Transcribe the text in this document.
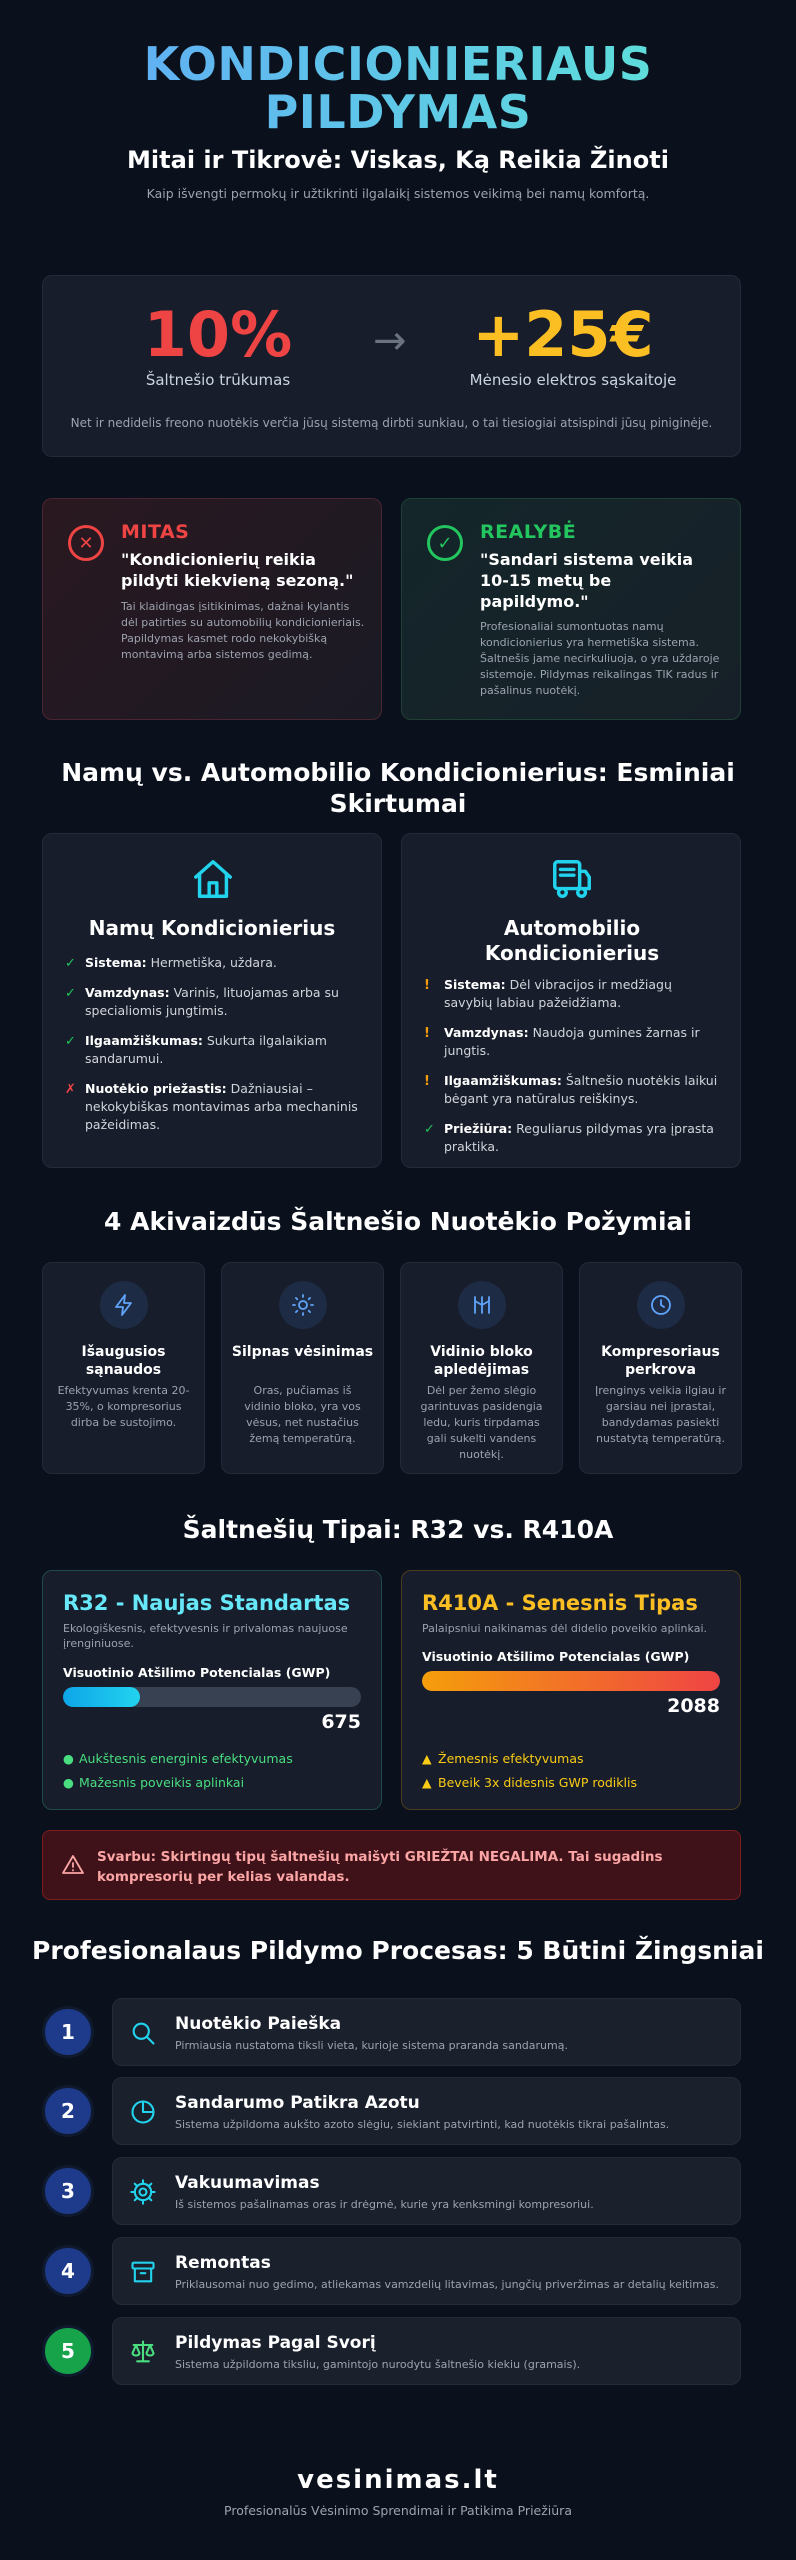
KONDICIONIERIAUS
PILDYMAS
Mitai ir Tikrovė: Viskas, Ką Reikia Žinoti
Kaip išvengti permokų ir užtikrinti ilgalaikį sistemos veikimą bei namų komfortą.
10%
Šaltnešio trūkumas
→ +25€
Mėnesio elektros sąskaitoje
Net ir nedidelis freono nuotėkis verčia jūsų sistemą dirbti sunkiau, o tai tiesiogiai atsispindi jūsų piniginėje.
✕	MITAS
"Kondicionierių reikia pildyti kiekvieną sezoną."
Tai klaidingas įsitikinimas, dažnai kylantis dėl patirties su automobilių kondicionieriais. Papildymas kasmet rodo nekokybišką montavimą arba sistemos gedimą.
✓	REALYBĖ
"Sandari sistema veikia 10-15 metų be papildymo."
Profesionaliai sumontuotas namų kondicionierius yra hermetiška sistema. Šaltnešis jame necirkuliuoja, o yra uždaroje sistemoje. Pildymas reikalingas TIK radus ir pašalinus nuotėkį.
Namų vs. Automobilio Kondicionierius: Esminiai Skirtumai
Namų Kondicionierius
✓ Sistema: Hermetiška, uždara.
✓ Vamzdynas: Varinis, lituojamas arba su specialiomis jungtimis.
✓ Ilgaamžiškumas: Sukurta ilgalaikiam sandarumui.
✗ Nuotėkio priežastis: Dažniausiai – nekokybiškas montavimas arba mechaninis pažeidimas.
Automobilio Kondicionierius
! Sistema: Dėl vibracijos ir medžiagų savybių labiau pažeidžiama.
! Vamzdynas: Naudoja gumines žarnas ir jungtis.
! Ilgaamžiškumas: Šaltnešio nuotėkis laikui bėgant yra natūralus reiškinys.
✓ Priežiūra: Reguliarus pildymas yra įprasta praktika.
4 Akivaizdūs Šaltnešio Nuotėkio Požymiai
Išaugusios sąnaudos
Efektyvumas krenta 20-35%, o kompresorius dirba be sustojimo.
Silpnas vėsinimas
Oras, pučiamas iš vidinio bloko, yra vos vėsus, net nustačius žemą temperatūrą.
Vidinio bloko apledėjimas
Dėl per žemo slėgio garintuvas pasidengia ledu, kuris tirpdamas gali sukelti vandens nuotėkį.
Kompresoriaus perkrova
Įrenginys veikia ilgiau ir garsiau nei įprastai, bandydamas pasiekti nustatytą temperatūrą.
Šaltnešių Tipai: R32 vs. R410A
R32 - Naujas Standartas
Ekologiškesnis, efektyvesnis ir privalomas naujuose įrenginiuose.
Visuotinio Atšilimo Potencialas (GWP)
675
● Aukštesnis energinis efektyvumas
● Mažesnis poveikis aplinkai
R410A - Senesnis Tipas
Palaipsniui naikinamas dėl didelio poveikio aplinkai.
Visuotinio Atšilimo Potencialas (GWP)
2088
▲ Žemesnis efektyvumas
▲ Beveik 3x didesnis GWP rodiklis
Svarbu: Skirtingų tipų šaltnešių maišyti GRIEŽTAI NEGALIMA. Tai sugadins kompresorių per kelias valandas.
Profesionalaus Pildymo Procesas: 5 Būtini Žingsniai
1	Nuotėkio Paieška
Pirmiausia nustatoma tiksli vieta, kurioje sistema praranda sandarumą.
2	Sandarumo Patikra Azotu
Sistema užpildoma aukšto azoto slėgiu, siekiant patvirtinti, kad nuotėkis tikrai pašalintas.
3	Vakuumavimas
Iš sistemos pašalinamas oras ir drėgmė, kurie yra kenksmingi kompresoriui.
4	Remontas
Priklausomai nuo gedimo, atliekamas vamzdelių litavimas, jungčių priveržimas ar detalių keitimas.
5	Pildymas Pagal Svorį
Sistema užpildoma tiksliu, gamintojo nurodytu šaltnešio kiekiu (gramais).
vesinimas.lt
Profesionalūs Vėsinimo Sprendimai ir Patikima Priežiūra
